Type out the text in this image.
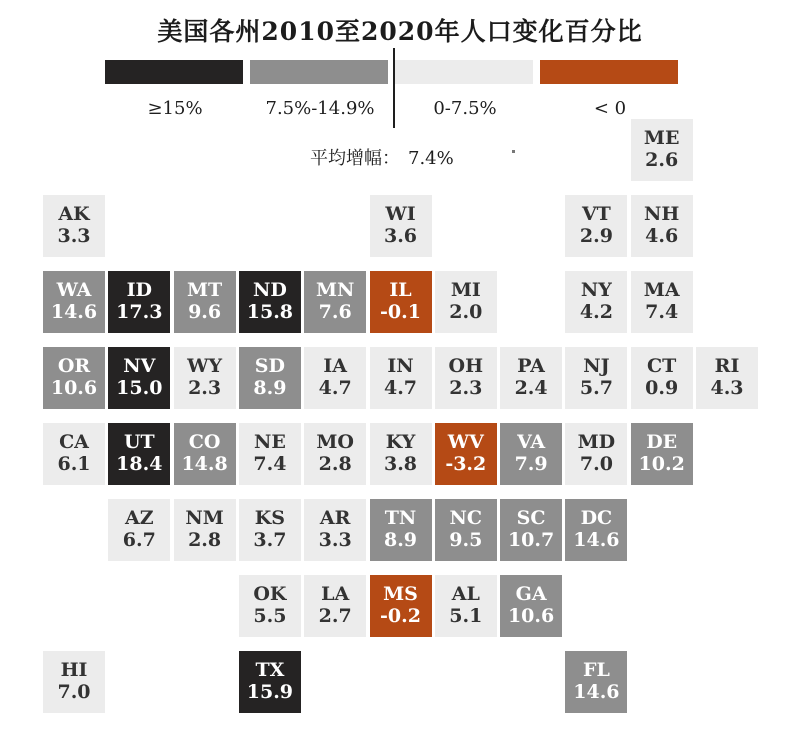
美国各州2010至2020年人口变化百分比
≥15%	7.5%-14.9%	0-7.5%	< 0
平均增幅： 7.4%
ME
2.6
AK
3.3
WI
3.6
VT
2.9
NH
4.6
WA
14.6
ID
17.3
MT
9.6
ND
15.8
MN
7.6
IL
-0.1
MI
2.0
NY
4.2
MA
7.4
OR
10.6
NV
15.0
WY
2.3
SD
8.9
IA
4.7
IN
4.7
OH
2.3
PA
2.4
NJ
5.7
CT
0.9
RI
4.3
CA
6.1
UT
18.4
CO
14.8
NE
7.4
MO
2.8
KY
3.8
WV
-3.2
VA
7.9
MD
7.0
DE
10.2
AZ
6.7
NM
2.8
KS
3.7
AR
3.3
TN
8.9
NC
9.5
SC
10.7
DC
14.6
OK
5.5
LA
2.7
MS
-0.2
AL
5.1
GA
10.6
HI
7.0
TX
15.9
FL
14.6
